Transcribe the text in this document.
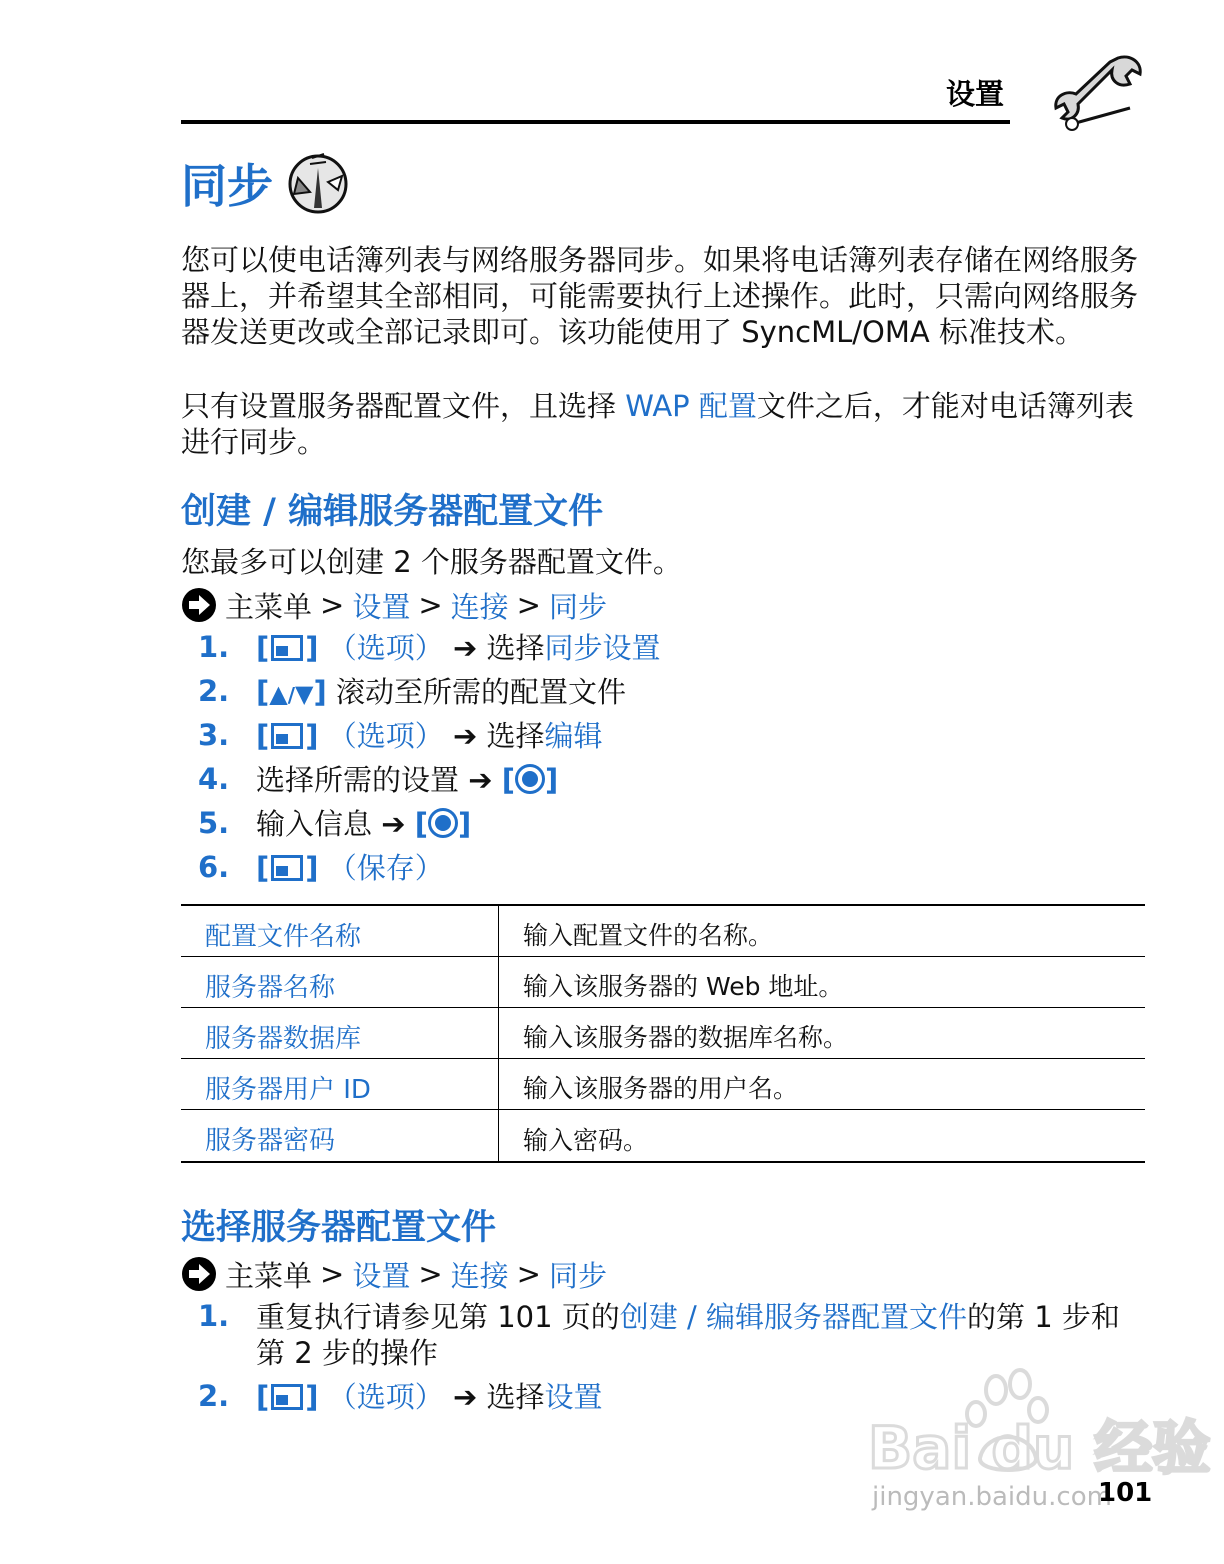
设置
同步
您可以使电话簿列表与网络服务器同步。如果将电话簿列表存储在网络服务器上，并希望其全部相同，可能需要执行上述操作。此时，只需向网络服务器发送更改或全部记录即可。该功能使用了 SyncML/OMA 标准技术。
只有设置服务器配置文件，且选择 WAP 配置文件之后，才能对电话簿列表进行同步。
创建 / 编辑服务器配置文件
您最多可以创建 2 个服务器配置文件。
主菜单 > 设置 > 连接 > 同步
1. [ ] （选项） ➔ 选择同步设置
2. [▲/▼] 滚动至所需的配置文件
3. [ ] （选项） ➔ 选择编辑
4. 选择所需的设置 ➔ [ ]
5. 输入信息 ➔ [ ]
6. [ ] （保存）
配置文件名称	输入配置文件的名称。
服务器名称	输入该服务器的 Web 地址。
服务器数据库	输入该服务器的数据库名称。
服务器用户 ID	输入该服务器的用户名。
服务器密码	输入密码。
选择服务器配置文件
主菜单 > 设置 > 连接 > 同步
1. 重复执行请参见第 101 页的创建 / 编辑服务器配置文件的第 1 步和第 2 步的操作
2. [ ] （选项） ➔ 选择设置
Bai du 经验
jingyan.baidu.com
101
